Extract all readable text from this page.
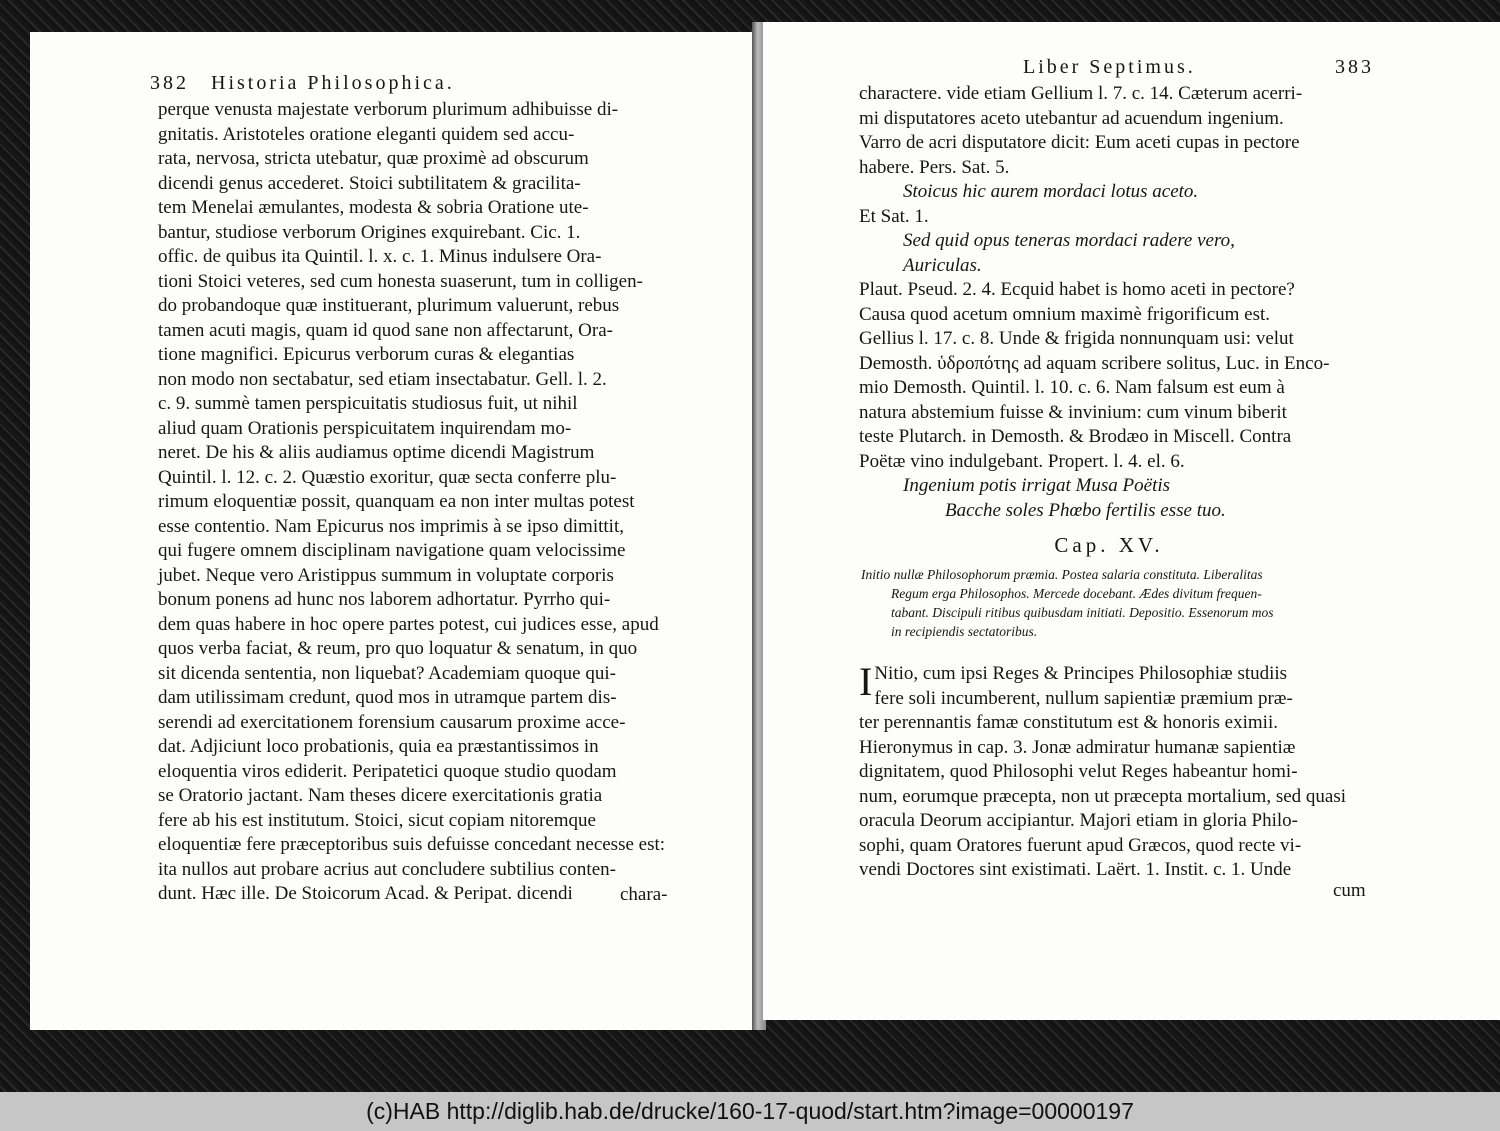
382 Historia Philosophica.
perque venusta majestate verborum plurimum adhibuisse di-
gnitatis. Aristoteles oratione eleganti quidem sed accu-
rata, nervosa, stricta utebatur, quæ proximè ad obscurum
dicendi genus accederet. Stoici subtilitatem & gracilita-
tem Menelai æmulantes, modesta & sobria Oratione ute-
bantur, studiose verborum Origines exquirebant. Cic. 1.
offic. de quibus ita Quintil. l. x. c. 1. Minus indulsere Ora-
tioni Stoici veteres, sed cum honesta suaserunt, tum in colligen-
do probandoque quæ instituerant, plurimum valuerunt, rebus
tamen acuti magis, quam id quod sane non affectarunt, Ora-
tione magnifici. Epicurus verborum curas & elegantias
non modo non sectabatur, sed etiam insectabatur. Gell. l. 2.
c. 9. summè tamen perspicuitatis studiosus fuit, ut nihil
aliud quam Orationis perspicuitatem inquirendam mo-
neret. De his & aliis audiamus optime dicendi Magistrum
Quintil. l. 12. c. 2. Quæstio exoritur, quæ secta conferre plu-
rimum eloquentiæ possit, quanquam ea non inter multas potest
esse contentio. Nam Epicurus nos imprimis à se ipso dimittit,
qui fugere omnem disciplinam navigatione quam velocissime
jubet. Neque vero Aristippus summum in voluptate corporis
bonum ponens ad hunc nos laborem adhortatur. Pyrrho qui-
dem quas habere in hoc opere partes potest, cui judices esse, apud
quos verba faciat, & reum, pro quo loquatur & senatum, in quo
sit dicenda sententia, non liquebat? Academiam quoque qui-
dam utilissimam credunt, quod mos in utramque partem dis-
serendi ad exercitationem forensium causarum proxime acce-
dat. Adjiciunt loco probationis, quia ea præstantissimos in
eloquentia viros ediderit. Peripatetici quoque studio quodam
se Oratorio jactant. Nam theses dicere exercitationis gratia
fere ab his est institutum. Stoici, sicut copiam nitoremque
eloquentiæ fere præceptoribus suis defuisse concedant necesse est:
ita nullos aut probare acrius aut concludere subtilius conten-
dunt. Hæc ille. De Stoicorum Acad. & Peripat. dicendi	chara-
Liber Septimus.	383
charactere. vide etiam Gellium l. 7. c. 14. Cæterum acerri-
mi disputatores aceto utebantur ad acuendum ingenium.
Varro de acri disputatore dicit: Eum aceti cupas in pectore
habere. Pers. Sat. 5.
Stoicus hic aurem mordaci lotus aceto.
Et Sat. 1.
Sed quid opus teneras mordaci radere vero,
Auriculas.
Plaut. Pseud. 2. 4. Ecquid habet is homo aceti in pectore?
Causa quod acetum omnium maximè frigorificum est.
Gellius l. 17. c. 8. Unde & frigida nonnunquam usi: velut
Demosth. ὑδροπότης ad aquam scribere solitus, Luc. in Enco-
mio Demosth. Quintil. l. 10. c. 6. Nam falsum est eum à
natura abstemium fuisse & invinium: cum vinum biberit
teste Plutarch. in Demosth. & Brodæo in Miscell. Contra
Poëtæ vino indulgebant. Propert. l. 4. el. 6.
Ingenium potis irrigat Musa Poëtis
Bacche soles Phœbo fertilis esse tuo.
Cap. XV.
Initio nullæ Philosophorum præmia. Postea salaria constituta. Liberalitas
Regum erga Philosophos. Mercede docebant. Ædes divitum frequen-
tabant. Discipuli ritibus quibusdam initiati. Depositio. Essenorum mos
in recipiendis sectatoribus.
I Nitio, cum ipsi Reges & Principes Philosophiæ studiis
fere soli incumberent, nullum sapientiæ præmium præ-
ter perennantis famæ constitutum est & honoris eximii.
Hieronymus in cap. 3. Jonæ admiratur humanæ sapientiæ
dignitatem, quod Philosophi velut Reges habeantur homi-
num, eorumque præcepta, non ut præcepta mortalium, sed quasi
oracula Deorum accipiantur. Majori etiam in gloria Philo-
sophi, quam Oratores fuerunt apud Græcos, quod recte vi-
vendi Doctores sint existimati. Laërt. 1. Instit. c. 1. Unde
cum
(c)HAB http://diglib.hab.de/drucke/160-17-quod/start.htm?image=00000197
